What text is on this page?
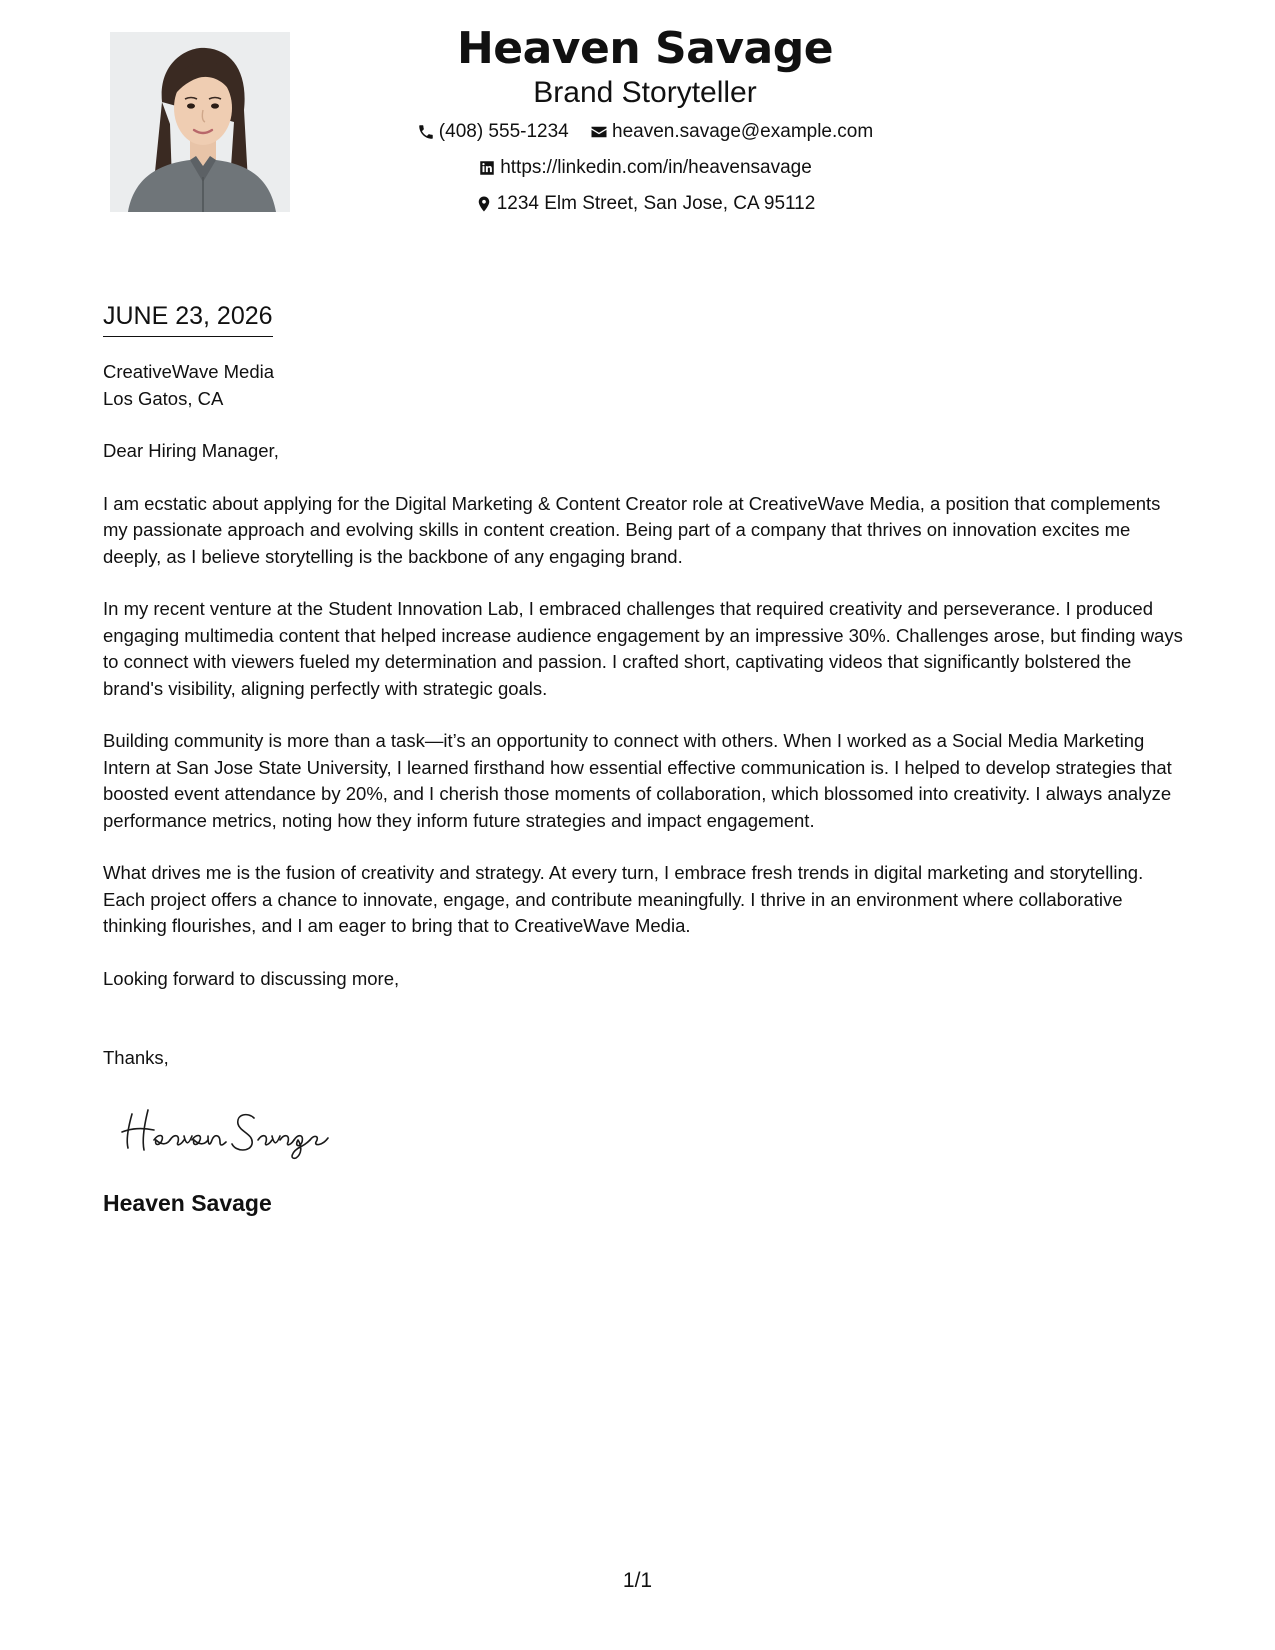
Heaven Savage
Brand Storyteller
(408) 555-1234
heaven.savage@example.com
https://linkedin.com/in/heavensavage
1234 Elm Street, San Jose, CA 95112
JUNE 23, 2026
CreativeWave Media
Los Gatos, CA

Dear Hiring Manager,

I am ecstatic about applying for the Digital Marketing & Content Creator role at CreativeWave Media, a position that complements my passionate approach and evolving skills in content creation. Being part of a company that thrives on innovation excites me deeply, as I believe storytelling is the backbone of any engaging brand.

In my recent venture at the Student Innovation Lab, I embraced challenges that required creativity and perseverance. I produced engaging multimedia content that helped increase audience engagement by an impressive 30%. Challenges arose, but finding ways to connect with viewers fueled my determination and passion. I crafted short, captivating videos that significantly bolstered the brand's visibility, aligning perfectly with strategic goals.

Building community is more than a task—it’s an opportunity to connect with others. When I worked as a Social Media Marketing Intern at San Jose State University, I learned firsthand how essential effective communication is. I helped to develop strategies that boosted event attendance by 20%, and I cherish those moments of collaboration, which blossomed into creativity. I always analyze performance metrics, noting how they inform future strategies and impact engagement.

What drives me is the fusion of creativity and strategy. At every turn, I embrace fresh trends in digital marketing and storytelling. Each project offers a chance to innovate, engage, and contribute meaningfully. I thrive in an environment where collaborative thinking flourishes, and I am eager to bring that to CreativeWave Media.

Looking forward to discussing more,

Thanks,
Heaven Savage
1/1
